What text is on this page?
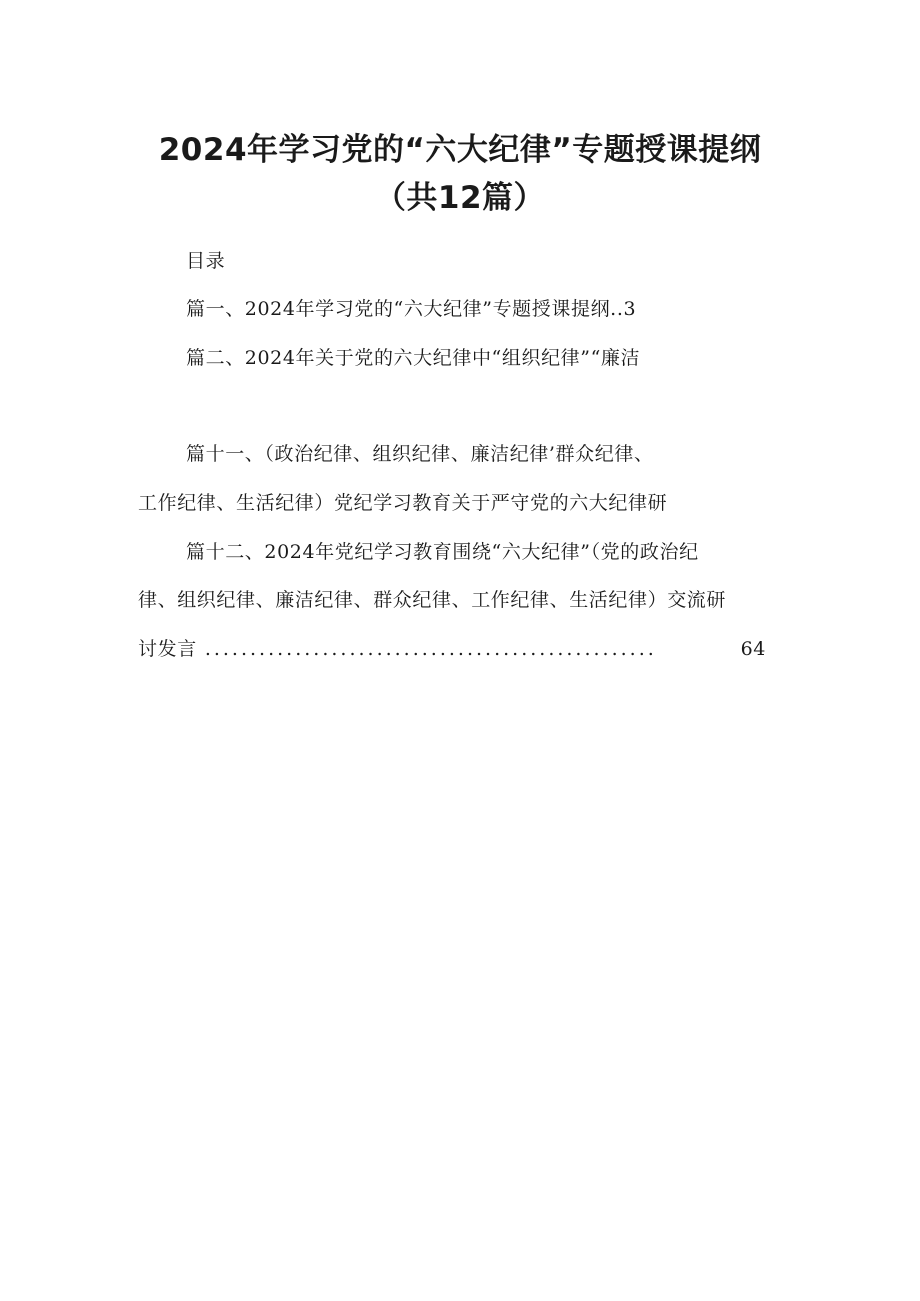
2024年学习党的“六大纪律”专题授课提纲
（共12篇）
目录
篇一、2024年学习党的“六大纪律”专题授课提纲..3
篇二、2024年关于党的六大纪律中“组织纪律”“廉洁
篇十一、（政治纪律、组织纪律、廉洁纪律’群众纪律、
工作纪律、生活纪律）党纪学习教育关于严守党的六大纪律研
篇十二、2024年党纪学习教育围绕“六大纪律”（党的政治纪
律、组织纪律、廉洁纪律、群众纪律、工作纪律、生活纪律）交流研
讨发言 ..................................................	64
